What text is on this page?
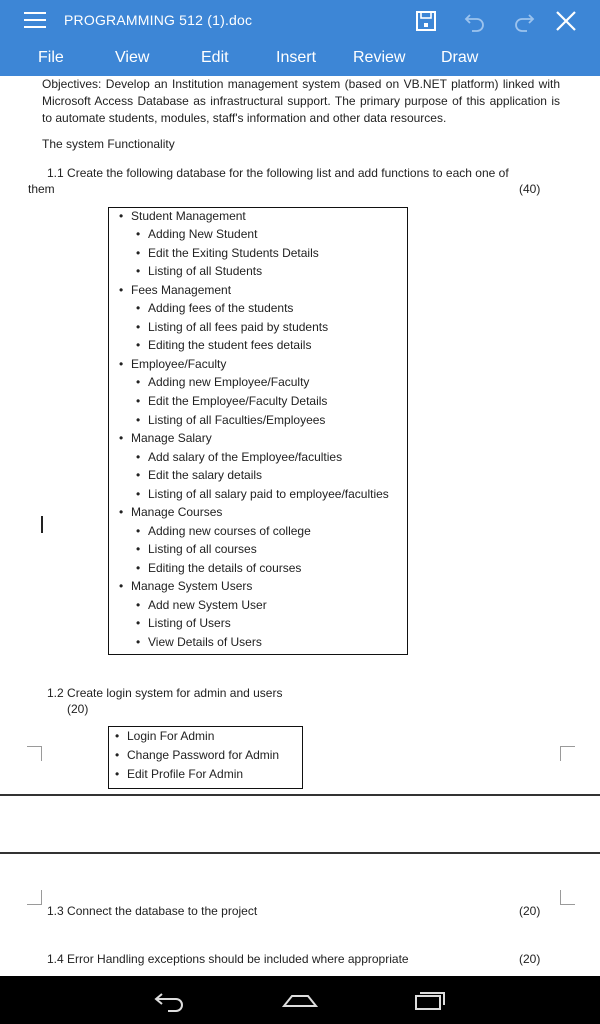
PROGRAMMING 512 (1).doc
File	View	Edit	Insert Review Draw
Objectives: Develop an Institution management system (based on VB.NET platform) linked with Microsoft Access Database as infrastructural support. The primary purpose of this application is to automate students, modules, staff's information and other data resources.
The system Functionality
1.1 Create the following database for the following list and add functions to each one of
them	(40)
• Student Management
• Adding New Student
• Edit the Exiting Students Details
• Listing of all Students
• Fees Management
• Adding fees of the students
• Listing of all fees paid by students
• Editing the student fees details
• Employee/Faculty
• Adding new Employee/Faculty
• Edit the Employee/Faculty Details
• Listing of all Faculties/Employees
• Manage Salary
• Add salary of the Employee/faculties
• Edit the salary details
• Listing of all salary paid to employee/faculties
• Manage Courses
• Adding new courses of college
• Listing of all courses
• Editing the details of courses
• Manage System Users
• Add new System User
• Listing of Users
• View Details of Users
1.2 Create login system for admin and users
(20)
• Login For Admin
• Change Password for Admin
• Edit Profile For Admin
1.3 Connect the database to the project	(20)
1.4 Error Handling exceptions should be included where appropriate	(20)
